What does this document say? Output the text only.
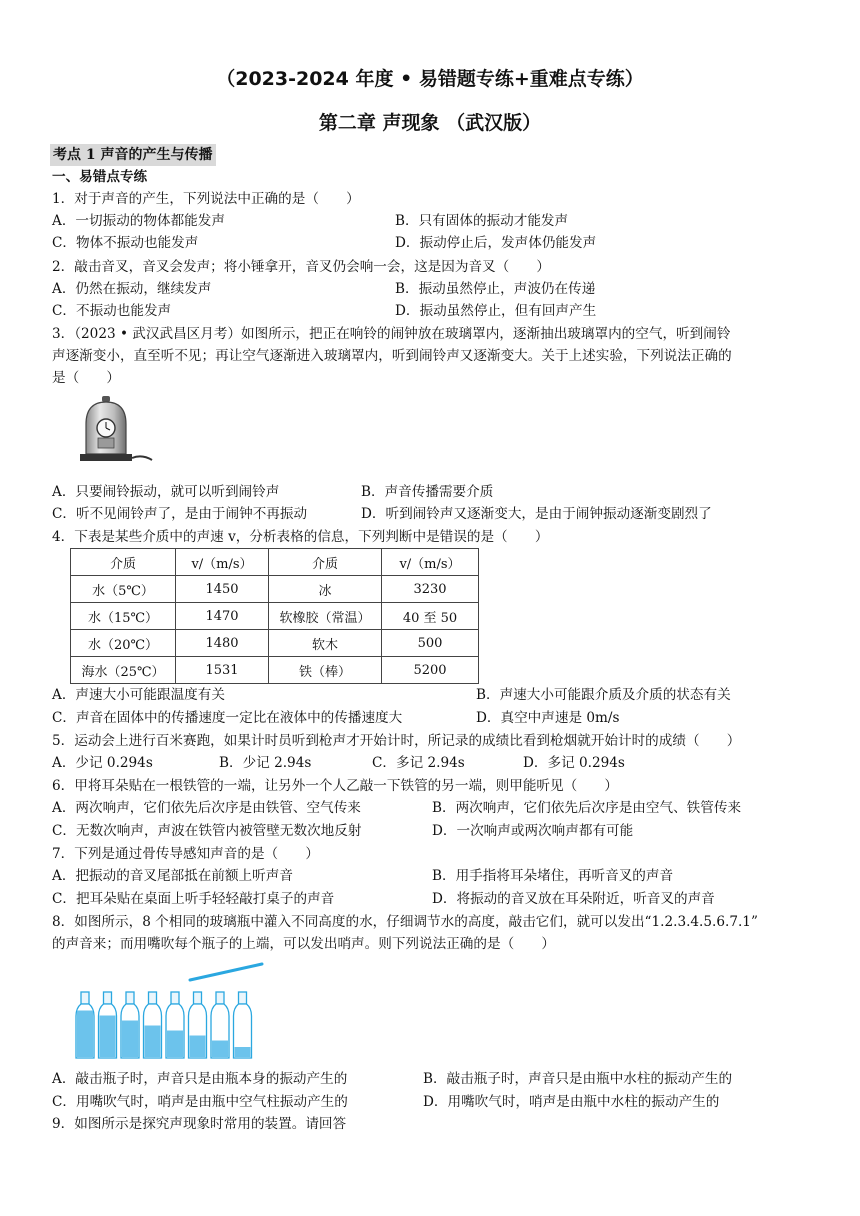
（2023-2024 年度 • 易错题专练+重难点专练）
第二章 声现象 （武汉版）
考点 1 声音的产生与传播
一、易错点专练
1．对于声音的产生，下列说法中正确的是（　　）
A．一切振动的物体都能发声	B．只有固体的振动才能发声
C．物体不振动也能发声	D．振动停止后，发声体仍能发声
2．敲击音叉，音叉会发声；将小锤拿开，音叉仍会响一会，这是因为音叉（　　）
A．仍然在振动，继续发声	B．振动虽然停止，声波仍在传递
C．不振动也能发声	D．振动虽然停止，但有回声产生
3．（2023 • 武汉武昌区月考）如图所示，把正在响铃的闹钟放在玻璃罩内，逐渐抽出玻璃罩内的空气，听到闹铃
声逐渐变小，直至听不见；再让空气逐渐进入玻璃罩内，听到闹铃声又逐渐变大。关于上述实验，下列说法正确的
是（　　）
A．只要闹铃振动，就可以听到闹铃声	B．声音传播需要介质
C．听不见闹铃声了，是由于闹钟不再振动	D．听到闹铃声又逐渐变大，是由于闹钟振动逐渐变剧烈了
4．下表是某些介质中的声速 v，分析表格的信息，下列判断中是错误的是（　　）
介质	v/（m/s）	介质	v/（m/s）
水（5℃）	1450	冰	3230
水（15℃）	1470	软橡胶（常温）	40 至 50
水（20℃）	1480	软木	500
海水（25℃）	1531	铁（棒）	5200
A．声速大小可能跟温度有关	B．声速大小可能跟介质及介质的状态有关
C．声音在固体中的传播速度一定比在液体中的传播速度大	D．真空中声速是 0m/s
5．运动会上进行百米赛跑，如果计时员听到枪声才开始计时，所记录的成绩比看到枪烟就开始计时的成绩（　　）
A．少记 0.294s	B．少记 2.94s	C．多记 2.94s	D．多记 0.294s
6．甲将耳朵贴在一根铁管的一端，让另外一个人乙敲一下铁管的另一端，则甲能听见（　　）
A．两次响声，它们依先后次序是由铁管、空气传来	B．两次响声，它们依先后次序是由空气、铁管传来
C．无数次响声，声波在铁管内被管壁无数次地反射	D．一次响声或两次响声都有可能
7．下列是通过骨传导感知声音的是（　　）
A．把振动的音叉尾部抵在前额上听声音	B．用手指将耳朵堵住，再听音叉的声音
C．把耳朵贴在桌面上听手轻轻敲打桌子的声音	D．将振动的音叉放在耳朵附近，听音叉的声音
8．如图所示，8 个相同的玻璃瓶中灌入不同高度的水，仔细调节水的高度，敲击它们，就可以发出“1.2.3.4.5.6.7.1”
的声音来；而用嘴吹每个瓶子的上端，可以发出哨声。则下列说法正确的是（　　）
A．敲击瓶子时，声音只是由瓶本身的振动产生的	B．敲击瓶子时，声音只是由瓶中水柱的振动产生的
C．用嘴吹气时，哨声是由瓶中空气柱振动产生的	D．用嘴吹气时，哨声是由瓶中水柱的振动产生的
9．如图所示是探究声现象时常用的装置。请回答
